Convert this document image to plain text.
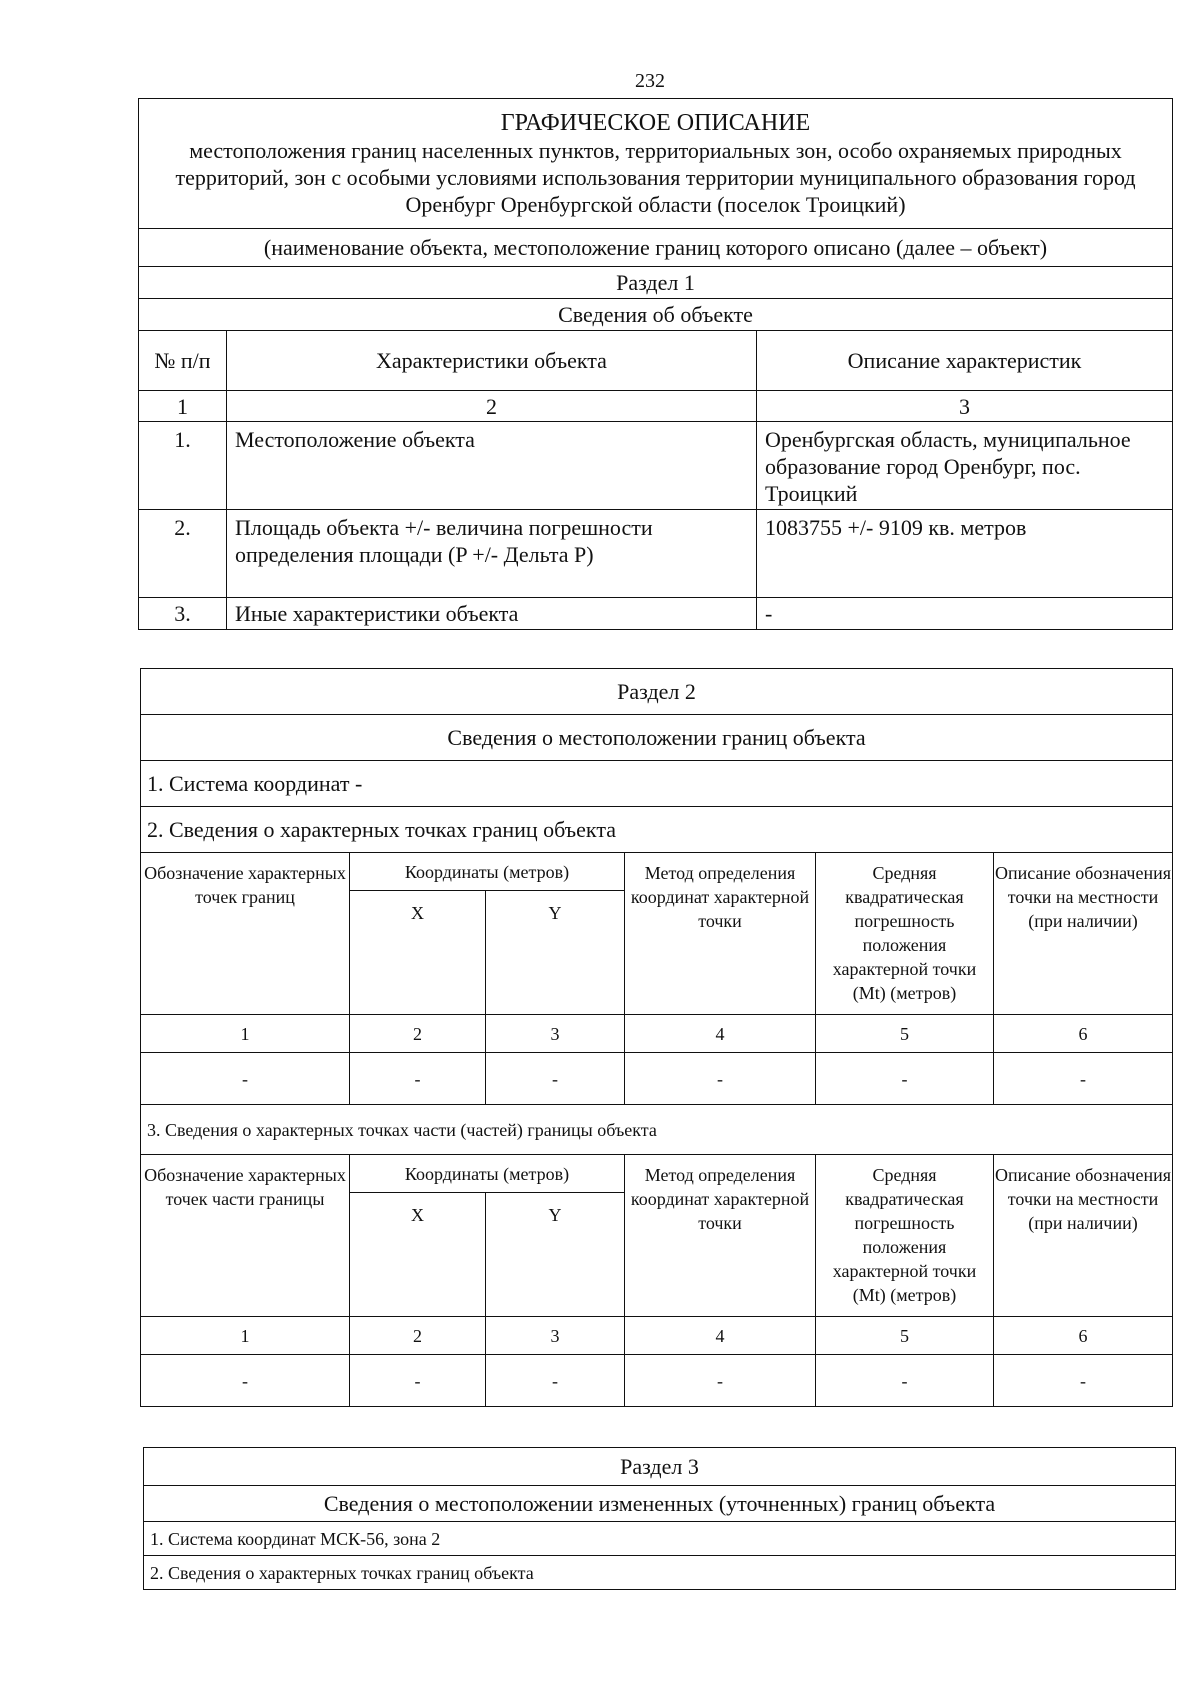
232
ГРАФИЧЕСКОЕ ОПИСАНИЕ
местоположения границ населенных пунктов, территориальных зон, особо охраняемых природных территорий, зон с особыми условиями использования территории муниципального образования город Оренбург Оренбургской области (поселок Троицкий)		

(наименование объекта, местоположение границ которого описано (далее – объект)		
Раздел 1		
Сведения об объекте		
№ п/п	Характеристики объекта	Описание характеристик
1	2	3
1.	Местоположение объекта	Оренбургская область, муниципальное образование город Оренбург, пос. Троицкий
2.	Площадь объекта +/- величина погрешности определения площади (P +/- Дельта P)	1083755 +/- 9109 кв. метров
3.	Иные характеристики объекта	-
Раздел 2					
Сведения о местоположении границ объекта					
1. Система координат -					
2. Сведения о характерных точках границ объекта					
Обозначение характерных точек границ	Координаты (метров)		Метод определения координат характерной точки	Средняя квадратическая погрешность положения характерной точки (Mt) (метров)	Описание обозначения точки на местности (при наличии)
	X	Y			
1	2	3	4	5	6
-	-	-	-	-	-
3. Сведения о характерных точках части (частей) границы объекта					
Обозначение характерных точек части границы	Координаты (метров)		Метод определения координат характерной точки	Средняя квадратическая погрешность положения характерной точки (Mt) (метров)	Описание обозначения точки на местности (при наличии)
	X	Y			
1	2	3	4	5	6
-	-	-	-	-	-
Раздел 3
Сведения о местоположении измененных (уточненных) границ объекта
1. Система координат МСК-56, зона 2
2. Сведения о характерных точках границ объекта
